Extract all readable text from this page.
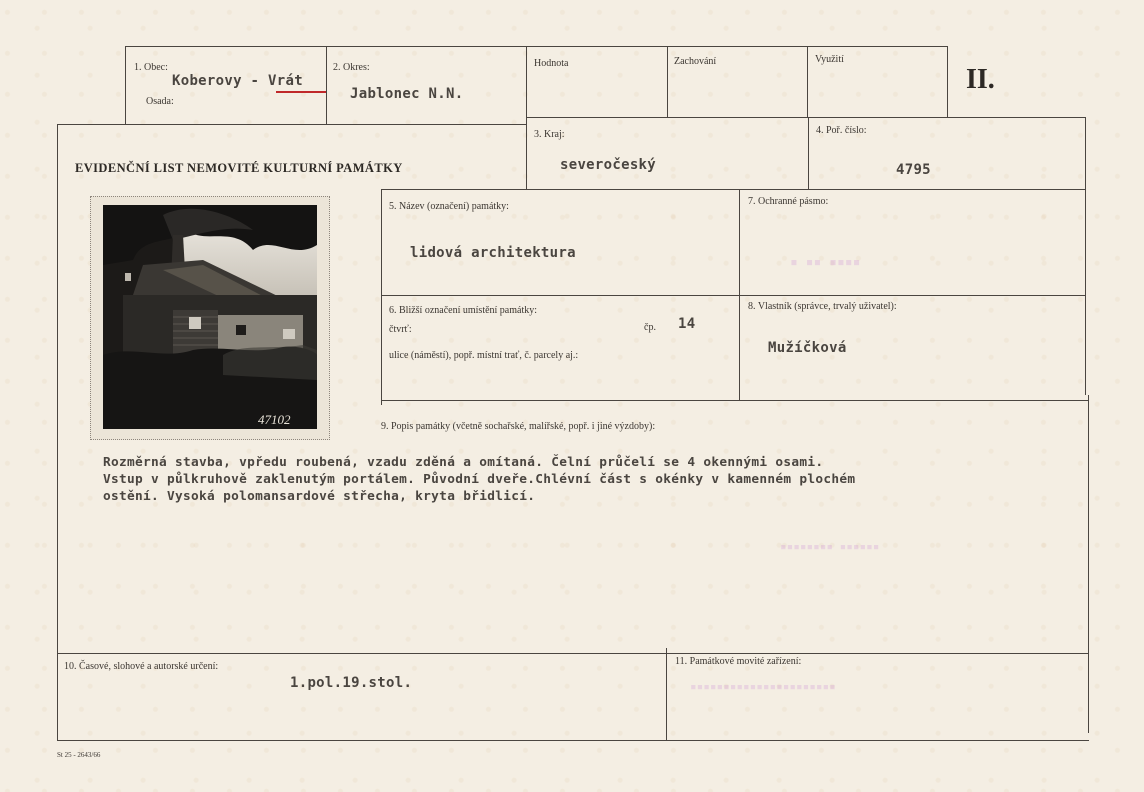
1. Obec:
Koberovy - Vrát
Osada:
2. Okres:
Jablonec N.N.
Hodnota	Zachování	Využití
II.
EVIDENČNÍ LIST NEMOVITÉ KULTURNÍ PAMÁTKY
3. Kraj:
severočeský
4. Poř. číslo:
4795
47102
5. Název (označení) památky:
lidová architektura
7. Ochranné pásmo:
▪ ▪▪ ▪▪▪▪
6. Bližší označení umístění památky:
čtvrť:	čp. 14
ulice (náměstí), popř. místní trať, č. parcely aj.:
8. Vlastník (správce, trvalý uživatel):
Mužíčková
9. Popis památky (včetně sochařské, malířské, popř. i jiné výzdoby):
Rozměrná stavba, vpředu roubená, vzadu zděná a omítaná. Čelní průčelí se 4 okennými osami.
Vstup v půlkruhově zaklenutým portálem. Původní dveře.Chlévní část s okénky v kamenném plochém
ostění. Vysoká polomansardové střecha, kryta břidlicí.
▪▪▪▪▪▪▪▪ ▪▪▪▪▪▪
10. Časové, slohové a autorské určení:
1.pol.19.stol.
11. Památkové movité zařízení:
▪▪▪▪▪▪▪▪▪▪▪▪▪▪▪▪▪▪▪▪▪▪
St 25 - 2643/66
